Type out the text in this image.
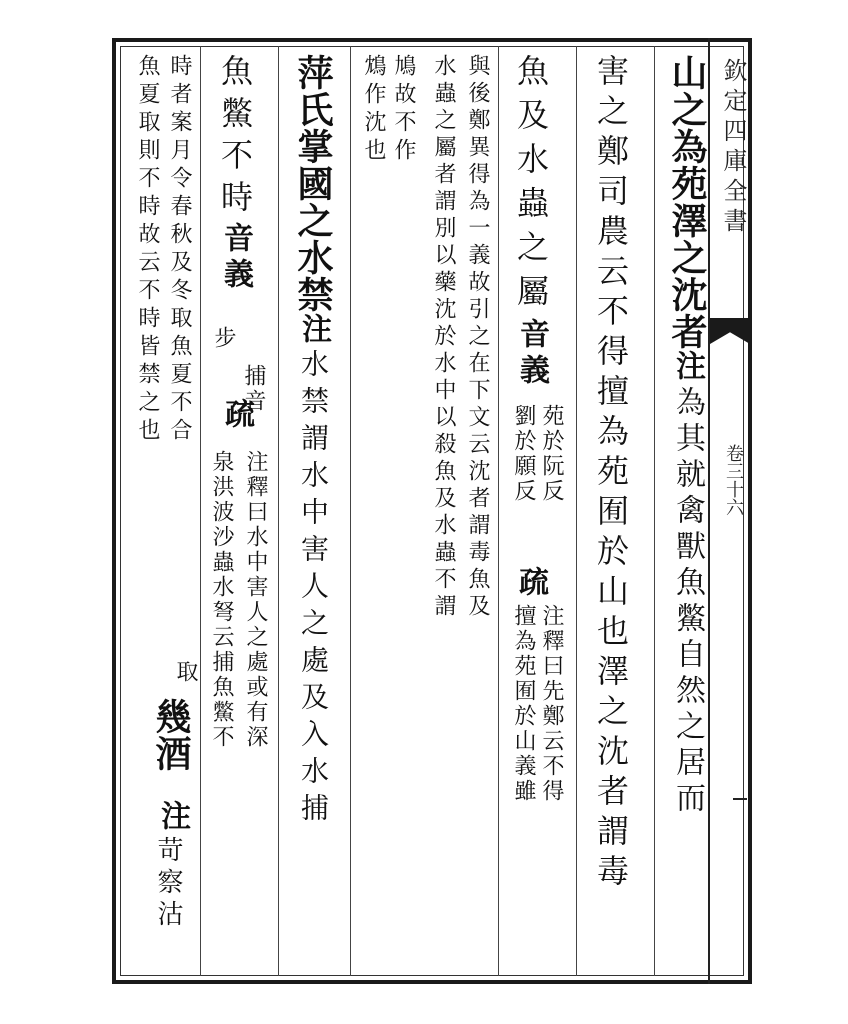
欽定四庫全書
卷三十六
山之為苑澤之沈者注為其就禽獸魚鱉自然之居而
害之鄭司農云不得擅為苑囿於山也澤之沈者謂毒
魚及水蟲之屬音義
苑於阮反
劉於願反
疏
注釋曰先鄭云不得
擅為苑囿於山義雖
與後鄭異得為一義故引之在下文云沈者謂毒魚及
水蟲之屬者謂別以藥沈於水中以殺魚及水蟲不謂
鳩故不作
鴆作沈也
萍氏掌國之水禁注水禁謂水中害人之處及入水捕
魚鱉不時音義
捕音
步
疏
注釋曰水中害人之處或有深
泉洪波沙蟲水弩云捕魚鱉不
時者案月令春秋及冬取魚夏不合
魚夏取則不時故云不時皆禁之也
取
幾酒
注
苛察沽
